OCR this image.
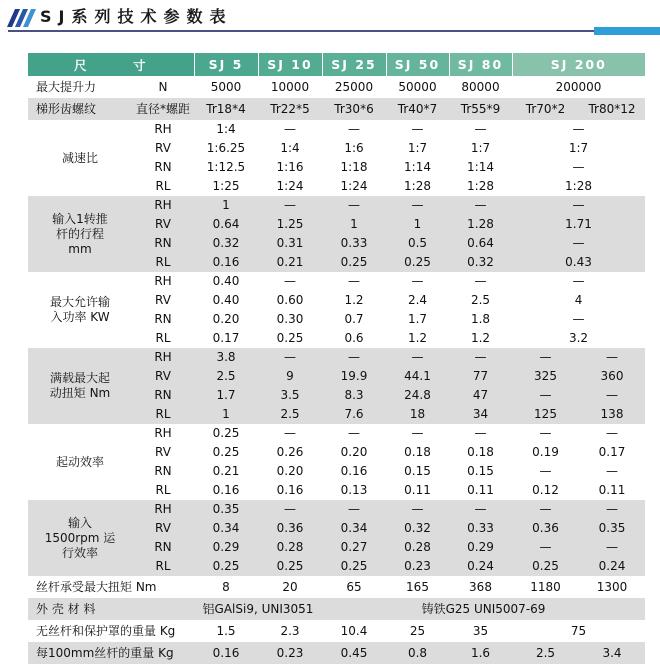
SJ系列技术参数表
尺       寸		SJ 5	SJ 10	SJ 25	SJ 50	SJ 80	SJ 200	
最大提升力	N	5000	10000	25000	50000	80000	200000	
梯形齿螺纹	直径*螺距	Tr18*4	Tr22*5	Tr30*6	Tr40*7	Tr55*9	Tr70*2	Tr80*12

减速比	RH	1:4	—	—	—	—	—	
	RV	1:6.25	1:4	1:6	1:7	1:7	1:7	
	RN	1:12.5	1:16	1:18	1:14	1:14	—	
	RL	1:25	1:24	1:24	1:28	1:28	1:28	

输入1转推
杆的行程
mm	RH	1	—	—	—	—	—	
	RV	0.64	1.25	1	1	1.28	1.71	
	RN	0.32	0.31	0.33	0.5	0.64	—	
	RL	0.16	0.21	0.25	0.25	0.32	0.43	

最大允许输
入功率 KW	RH	0.40	—	—	—	—	—	
	RV	0.40	0.60	1.2	2.4	2.5	4	
	RN	0.20	0.30	0.7	1.7	1.8	—	
	RL	0.17	0.25	0.6	1.2	1.2	3.2	

满载最大起
动扭矩 Nm	RH	3.8	—	—	—	—	—	—
	RV	2.5	9	19.9	44.1	77	325	360
	RN	1.7	3.5	8.3	24.8	47	—	—
	RL	1	2.5	7.6	18	34	125	138

起动效率	RH	0.25	—	—	—	—	—	—
	RV	0.25	0.26	0.20	0.18	0.18	0.19	0.17
	RN	0.21	0.20	0.16	0.15	0.15	—	—
	RL	0.16	0.16	0.13	0.11	0.11	0.12	0.11

输入
1500rpm 运
行效率	RH	0.35	—	—	—	—	—	—
	RV	0.34	0.36	0.34	0.32	0.33	0.36	0.35
	RN	0.29	0.28	0.27	0.28	0.29	—	—
	RL	0.25	0.25	0.25	0.23	0.24	0.25	0.24
丝杆承受最大扭矩 Nm		8	20	65	165	368	1180	1300
外 壳 材 料		铝GAlSi9, UNI3051		铸铁G25 UNI5007-69				
无丝杆和保护罩的重量 Kg		1.5	2.3	10.4	25	35	75	
每100mm丝杆的重量 Kg		0.16	0.23	0.45	0.8	1.6	2.5	3.4
